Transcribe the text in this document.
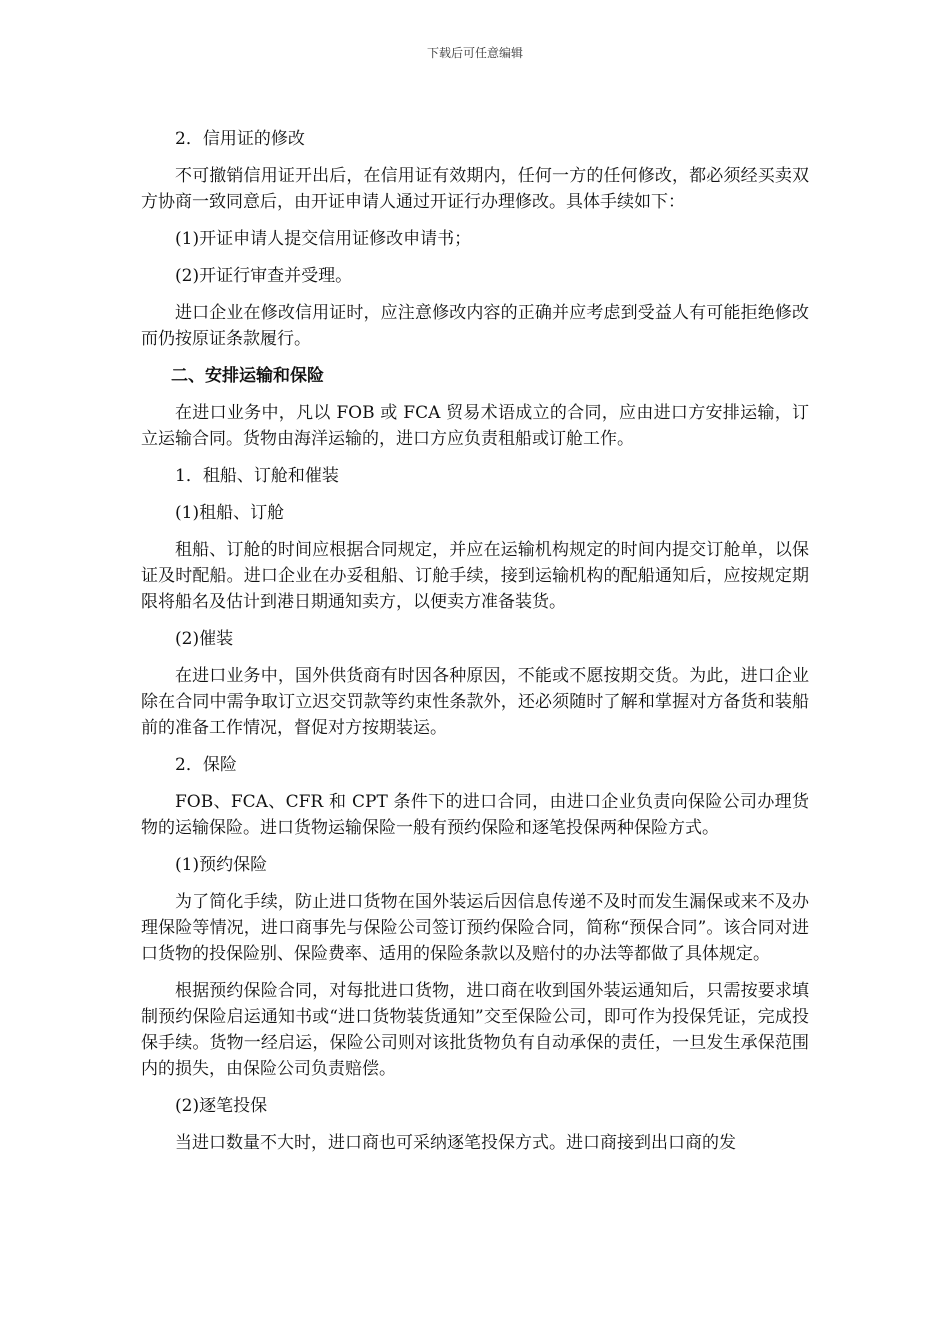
下载后可任意编辑

2．信用证的修改

不可撤销信用证开出后，在信用证有效期内，任何一方的任何修改，都必须经买卖双方协商一致同意后，由开证申请人通过开证行办理修改。具体手续如下：

(1)开证申请人提交信用证修改申请书；

(2)开证行审查并受理。

进口企业在修改信用证时，应注意修改内容的正确并应考虑到受益人有可能拒绝修改而仍按原证条款履行。

二、安排运输和保险

在进口业务中，凡以 FOB 或 FCA 贸易术语成立的合同，应由进口方安排运输，订立运输合同。货物由海洋运输的，进口方应负责租船或订舱工作。

1．租船、订舱和催装

(1)租船、订舱

租船、订舱的时间应根据合同规定，并应在运输机构规定的时间内提交订舱单，以保证及时配船。进口企业在办妥租船、订舱手续，接到运输机构的配船通知后，应按规定期限将船名及估计到港日期通知卖方，以便卖方准备装货。

(2)催装

在进口业务中，国外供货商有时因各种原因，不能或不愿按期交货。为此，进口企业除在合同中需争取订立迟交罚款等约束性条款外，还必须随时了解和掌握对方备货和装船前的准备工作情况，督促对方按期装运。

2．保险

FOB、FCA、CFR 和 CPT 条件下的进口合同，由进口企业负责向保险公司办理货物的运输保险。进口货物运输保险一般有预约保险和逐笔投保两种保险方式。

(1)预约保险

为了简化手续，防止进口货物在国外装运后因信息传递不及时而发生漏保或来不及办理保险等情况，进口商事先与保险公司签订预约保险合同，简称“预保合同”。该合同对进口货物的投保险别、保险费率、适用的保险条款以及赔付的办法等都做了具体规定。

根据预约保险合同，对每批进口货物，进口商在收到国外装运通知后，只需按要求填制预约保险启运通知书或“进口货物装货通知”交至保险公司，即可作为投保凭证，完成投保手续。货物一经启运，保险公司则对该批货物负有自动承保的责任，一旦发生承保范围内的损失，由保险公司负责赔偿。

(2)逐笔投保

当进口数量不大时，进口商也可采纳逐笔投保方式。进口商接到出口商的发
